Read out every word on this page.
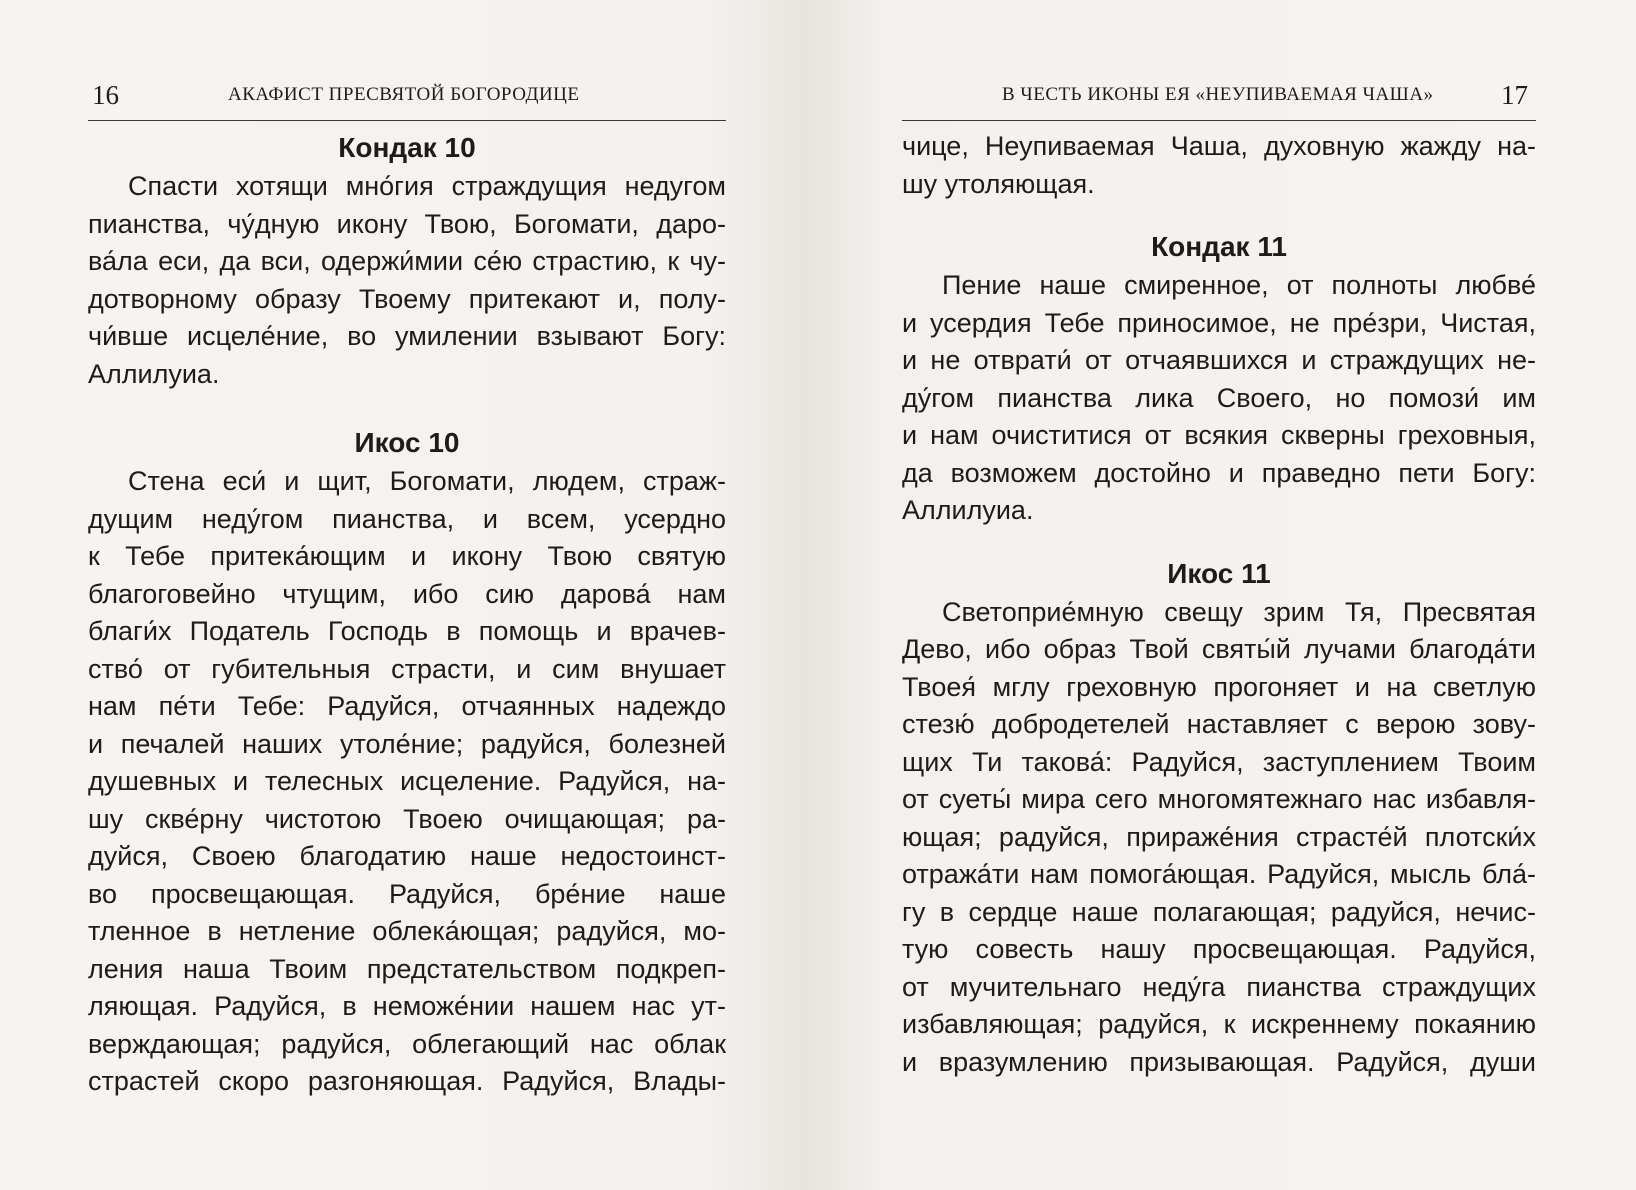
16	АКАФИСТ ПРЕСВЯТОЙ БОГОРОДИЦЕ
Кондак 10
Спасти хотящи мно́гия страждущия недугом
пианства, чу́дную икону Твою, Богомати, даро-
ва́ла еси, да вси, одержи́мии се́ю страстию, к чу-
дотворному образу Твоему притекают и, полу-
чи́вше исцеле́ние, во умилении взывают Богу:
Аллилуиа.
Икос 10
Стена еси́ и щит, Богомати, людем, страж-
дущим неду́гом пианства, и всем, усердно
к Тебе притека́ющим и икону Твою святую
благоговейно чтущим, ибо сию дарова́ нам
благи́х Податель Господь в помощь и врачев-
ство́ от губительныя страсти, и сим внушает
нам пе́ти Тебе: Радуйся, отчаянных надеждо
и печалей наших утоле́ние; радуйся, болезней
душевных и телесных исцеление. Радуйся, на-
шу скве́рну чистотою Твоею очищающая; ра-
дуйся, Своею благодатию наше недостоинст-
во просвещающая. Радуйся, бре́ние наше
тленное в нетление облека́ющая; радуйся, мо-
ления наша Твоим предстательством подкреп-
ляющая. Радуйся, в неможе́нии нашем нас ут-
верждающая; радуйся, облегающий нас облак
страстей скоро разгоняющая. Радуйся, Влады-
В ЧЕСТЬ ИКОНЫ ЕЯ «НЕУПИВАЕМАЯ ЧАША» 17
чице, Неупиваемая Чаша, духовную жажду на-
шу утоляющая.
Кондак 11
Пение наше смиренное, от полноты любве́
и усердия Тебе приносимое, не пре́зри, Чистая,
и не отврати́ от отчаявшихся и страждущих не-
ду́гом пианства лика Своего, но помози́ им
и нам очиститися от всякия скверны греховныя,
да возможем достойно и праведно пети Богу:
Аллилуиа.
Икос 11
Светоприе́мную свещу зрим Тя, Пресвятая
Дево, ибо образ Твой святы́й лучами благода́ти
Твоея́ мглу греховную прогоняет и на светлую
стезю́ добродетелей наставляет с верою зову-
щих Ти такова́: Радуйся, заступлением Твоим
от суеты́ мира сего многомятежнаго нас избавля-
ющая; радуйся, прираже́ния страсте́й плотски́х
отража́ти нам помога́ющая. Радуйся, мысль бла́-
гу в сердце наше полагающая; радуйся, нечис-
тую совесть нашу просвещающая. Радуйся,
от мучительнаго неду́га пианства страждущих
избавляющая; радуйся, к искреннему покаянию
и вразумлению призывающая. Радуйся, души
